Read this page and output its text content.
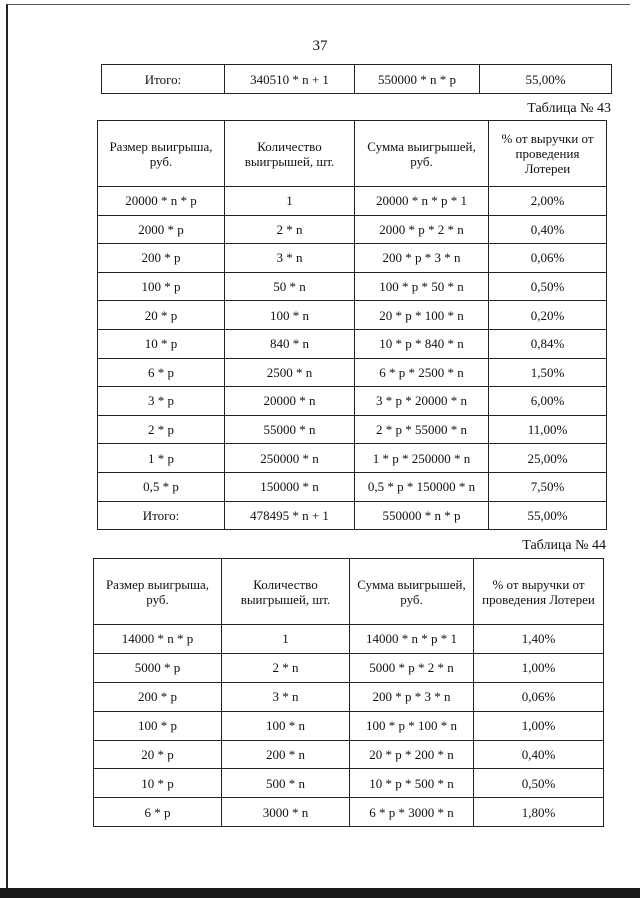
37
Итого:	340510 * n + 1	550000 * n * p	55,00%
Таблица № 43
Размер выигрыша, руб.	Количество выигрышей, шт.	Сумма выигрышей, руб.	% от выручки от проведения Лотереи
20000 * n * p	1	20000 * n * p * 1	2,00%
2000 * p	2 * n	2000 * p * 2 * n	0,40%
200 * p	3 * n	200 * p * 3 * n	0,06%
100 * p	50 * n	100 * p * 50 * n	0,50%
20 * p	100 * n	20 * p * 100 * n	0,20%
10 * p	840 * n	10 * p * 840 * n	0,84%
6 * p	2500 * n	6 * p * 2500 * n	1,50%
3 * p	20000 * n	3 * p * 20000 * n	6,00%
2 * p	55000 * n	2 * p * 55000 * n	11,00%
1 * p	250000 * n	1 * p * 250000 * n	25,00%
0,5 * p	150000 * n	0,5 * p * 150000 * n	7,50%
Итого:	478495 * n + 1	550000 * n * p	55,00%
Таблица № 44
Размер выигрыша, руб.	Количество выигрышей, шт.	Сумма выигрышей, руб.	% от выручки от проведения Лотереи
14000 * n * p	1	14000 * n * p * 1	1,40%
5000 * p	2 * n	5000 * p * 2 * n	1,00%
200 * p	3 * n	200 * p * 3 * n	0,06%
100 * p	100 * n	100 * p * 100 * n	1,00%
20 * p	200 * n	20 * p * 200 * n	0,40%
10 * p	500 * n	10 * p * 500 * n	0,50%
6 * p	3000 * n	6 * p * 3000 * n	1,80%
